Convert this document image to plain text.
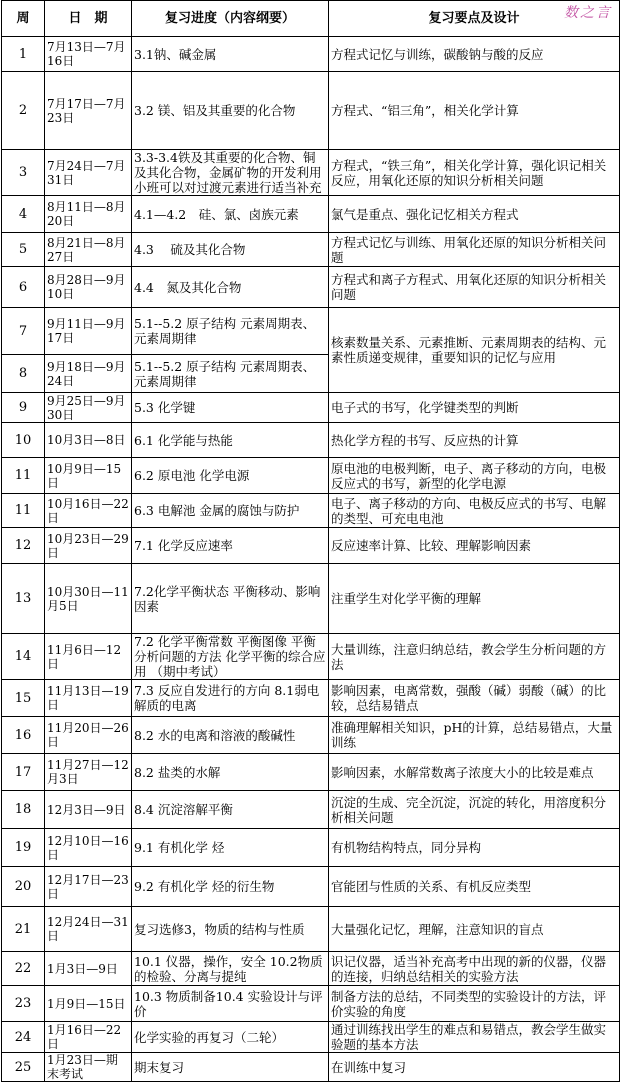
数之言
周	日　期	复习进度（内容纲要）	复习要点及设计
1	7月13日—7月16日	3.1钠、碱金属	方程式记忆与训练，碳酸钠与酸的反应
2	7月17日—7月23日	3.2 镁、铝及其重要的化合物	方程式、“铝三角”，相关化学计算
3	7月24日—7月31日	3.3-3.4铁及其重要的化合物、铜及其化合物，金属矿物的开发利用小班可以对过渡元素进行适当补充	方程式，“铁三角”，相关化学计算，强化识记相关反应，用氧化还原的知识分析相关问题
4	8月11日—8月20日	4.1—4.2　硅、氯、卤族元素	氯气是重点、强化记忆相关方程式
5	8月21日—8月27日	4.3　 硫及其化合物	方程式记忆与训练、用氧化还原的知识分析相关问题
6	8月28日—9月10日	4.4　氮及其化合物	方程式和离子方程式、用氧化还原的知识分析相关问题
7	9月11日—9月17日	5.1--5.2 原子结构 元素周期表、元素周期律	核素数量关系、元素推断、元素周期表的结构、元素性质递变规律，重要知识的记忆与应用
8	9月18日—9月24日	5.1--5.2 原子结构 元素周期表、元素周期律	
9	9月25日—9月30日	5.3 化学键	电子式的书写，化学键类型的判断
10	10月3日—8日	6.1 化学能与热能	热化学方程的书写、反应热的计算
11	10月9日—15日	6.2 原电池 化学电源	原电池的电极判断，电子、离子移动的方向，电极反应式的书写，新型的化学电源
11	10月16日—22日	6.3 电解池 金属的腐蚀与防护	电子、离子移动的方向、电极反应式的书写、电解的类型、可充电电池
12	10月23日—29日	7.1 化学反应速率	反应速率计算、比较、理解影响因素
13	10月30日—11月5日	7.2化学平衡状态 平衡移动、影响因素	注重学生对化学平衡的理解
14	11月6日—12日	7.2 化学平衡常数 平衡图像 平衡分析问题的方法 化学平衡的综合应用 （期中考试）	大量训练，注意归纳总结，教会学生分析问题的方法
15	11月13日—19日	7.3 反应自发进行的方向 8.1弱电解质的电离	影响因素，电离常数，强酸（碱）弱酸（碱）的比较，总结易错点
16	11月20日—26日	8.2 水的电离和溶液的酸碱性	准确理解相关知识，pH的计算，总结易错点，大量训练
17	11月27日—12月3日	8.2 盐类的水解	影响因素，水解常数离子浓度大小的比较是难点
18	12月3日—9日	8.4 沉淀溶解平衡	沉淀的生成、完全沉淀，沉淀的转化，用溶度积分析相关问题
19	12月10日—16日	9.1 有机化学 烃	有机物结构特点，同分异构
20	12月17日—23日	9.2 有机化学 烃的衍生物	官能团与性质的关系、有机反应类型
21	12月24日—31日	复习选修3，物质的结构与性质	大量强化记忆，理解，注意知识的盲点
22	1月3日—9日	10.1 仪器，操作，安全 10.2物质的检验、分离与提纯	识记仪器，适当补充高考中出现的新的仪器，仪器的连接，归纳总结相关的实验方法
23	1月9日—15日	10.3 物质制备10.4 实验设计与评价	制备方法的总结，不同类型的实验设计的方法，评价实验的角度
24	1月16日—22日	化学实验的再复习（二轮）	通过训练找出学生的难点和易错点，教会学生做实验题的基本方法
25	1月23日—期末考试	期末复习	在训练中复习
